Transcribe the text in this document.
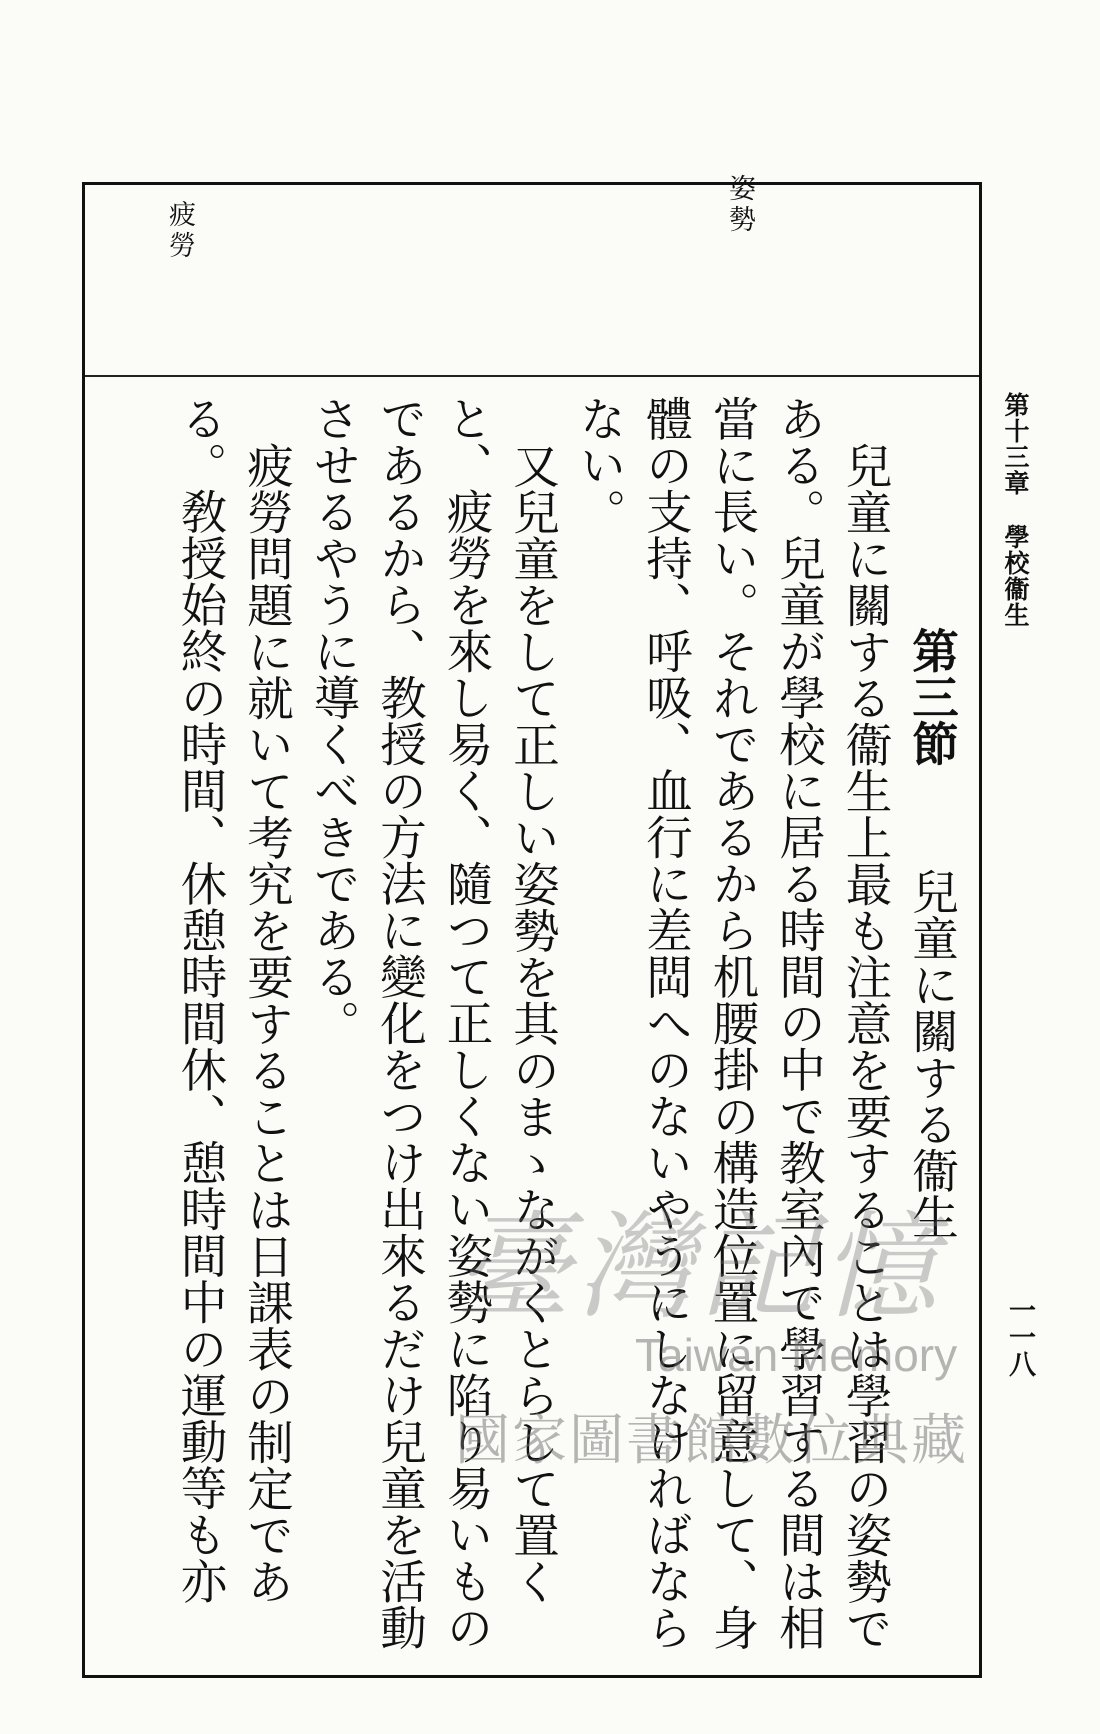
姿勢
疲勞

第三節 兒童に關する衞生

兒童に關する衞生上最も注意を要することは學習の姿勢である。兒童が學校に居る時間の中で教室內で學習する間は相當に長い。それであるから机腰掛の構造位置に留意して、身體の支持、呼吸、血行に差閊へのないやうにしなければならない。

又兒童をして正しい姿勢を其のまゝながくとらして置くと、疲勞を來し易く、隨つて正しくない姿勢に陷り易いものであるから、教授の方法に變化をつけ出來るだけ兒童を活動させるやうに導くべきである。

疲勞問題に就いて考究を要することは日課表の制定である。敎授始終の時間、休憩時間休、憩時間中の運動等も亦	第十三章學校衞生
一一八
臺灣記憶
Taiwan Memory
國家圖書館數位典藏
